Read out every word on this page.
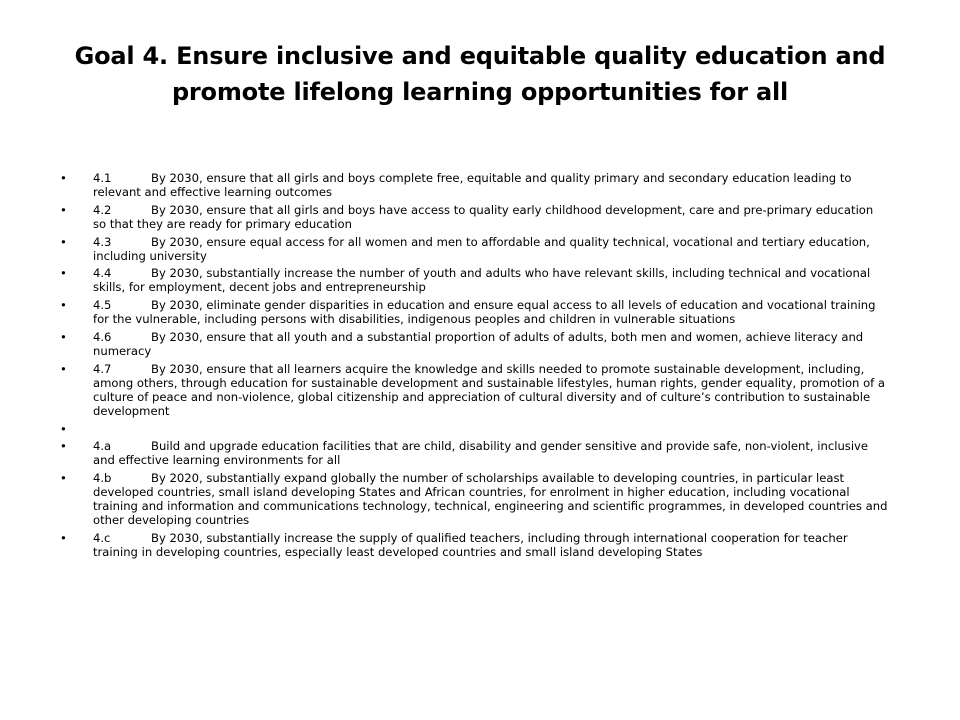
Goal 4. Ensure inclusive and equitable quality education and promote lifelong learning opportunities for all
• 4.1	By 2030, ensure that all girls and boys complete free, equitable and quality primary and secondary education leading to relevant and effective learning outcomes
• 4.2	By 2030, ensure that all girls and boys have access to quality early childhood development, care and pre-primary education so that they are ready for primary education
• 4.3	By 2030, ensure equal access for all women and men to affordable and quality technical, vocational and tertiary education, including university
• 4.4	By 2030, substantially increase the number of youth and adults who have relevant skills, including technical and vocational skills, for employment, decent jobs and entrepreneurship
• 4.5	By 2030, eliminate gender disparities in education and ensure equal access to all levels of education and vocational training for the vulnerable, including persons with disabilities, indigenous peoples and children in vulnerable situations
• 4.6	By 2030, ensure that all youth and a substantial proportion of adults of adults, both men and women, achieve literacy and numeracy
• 4.7	By 2030, ensure that all learners acquire the knowledge and skills needed to promote sustainable development, including, among others, through education for sustainable development and sustainable lifestyles, human rights, gender equality, promotion of a culture of peace and non-violence, global citizenship and appreciation of cultural diversity and of culture’s contribution to sustainable development
•
• 4.a	Build and upgrade education facilities that are child, disability and gender sensitive and provide safe, non-violent, inclusive and effective learning environments for all
• 4.b	By 2020, substantially expand globally the number of scholarships available to developing countries, in particular least developed countries, small island developing States and African countries, for enrolment in higher education, including vocational training and information and communications technology, technical, engineering and scientific programmes, in developed countries and other developing countries
• 4.c	By 2030, substantially increase the supply of qualified teachers, including through international cooperation for teacher training in developing countries, especially least developed countries and small island developing States
